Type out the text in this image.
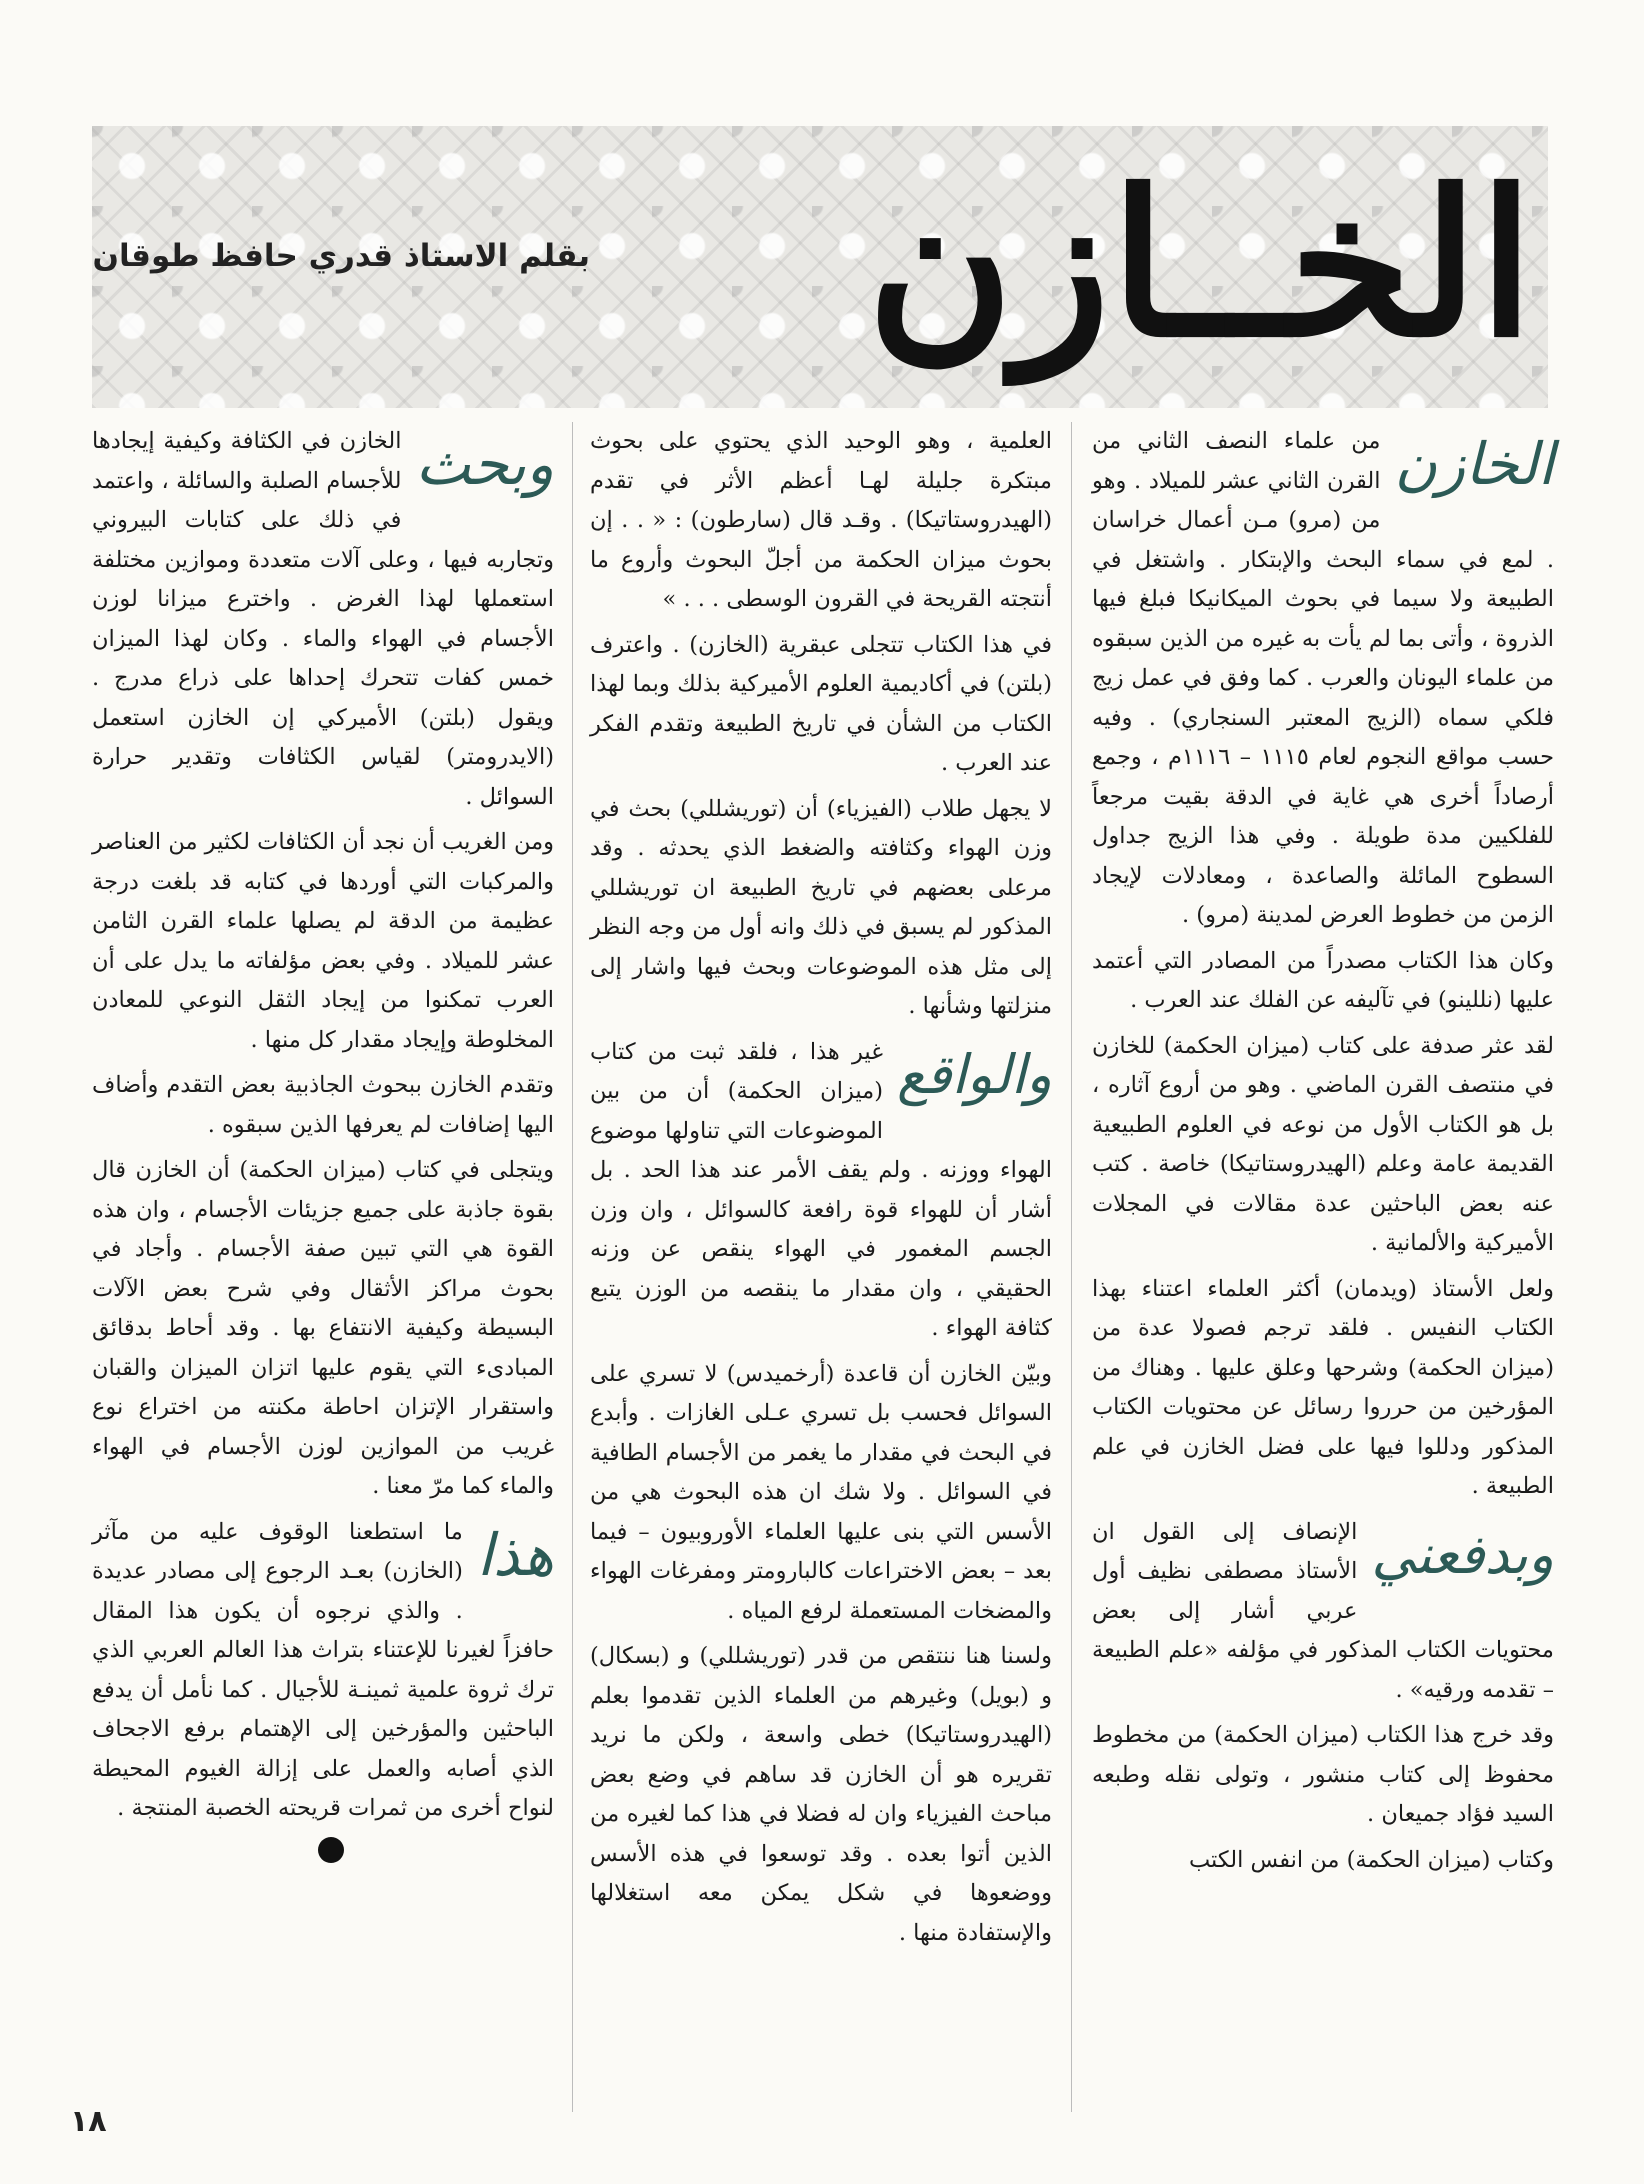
الخــازن
بقلم الاستاذ قدري حافظ طوقان

الخازن
من علماء النصف الثاني من القرن الثاني عشر للميلاد . وهو من (مرو) مـن أعمال خراسان . لمع في سماء البحث والإبتكار . واشتغل في الطبيعة ولا سيما في بحوث الميكانيكا فبلغ فيها الذروة ، وأتى بما لم يأت به غيره من الذين سبقوه من علماء اليونان والعرب . كما وفق في عمل زيج فلكي سماه (الزيج المعتبر السنجاري) . وفيه حسب مواقع النجوم لعام ١١١٥ – ١١١٦م ، وجمع أرصاداً أخرى هي غاية في الدقة بقيت مرجعاً للفلكيين مدة طويلة . وفي هذا الزيج جداول السطوح المائلة والصاعدة ، ومعادلات لإيجاد الزمن من خطوط العرض لمدينة (مرو) .

وكان هذا الكتاب مصدراً من المصادر التي أعتمد عليها (نللينو) في تآليفه عن الفلك عند العرب .

لقد عثر صدفة على كتاب (ميزان الحكمة) للخازن في منتصف القرن الماضي . وهو من أروع آثاره ، بل هو الكتاب الأول من نوعه في العلوم الطبيعية القديمة عامة وعلم (الهيدروستاتيكا) خاصة . كتب عنه بعض الباحثين عدة مقالات في المجلات الأميركية والألمانية .

ولعل الأستاذ (ويدمان) أكثر العلماء اعتناء بهذا الكتاب النفيس . فلقد ترجم فصولا عدة من (ميزان الحكمة) وشرحها وعلق عليها . وهناك من المؤرخين من حرروا رسائل عن محتويات الكتاب المذكور ودللوا فيها على فضل الخازن في علم الطبيعة .

وبدفعني
الإنصاف إلى القول ان الأستاذ مصطفى نظيف أول عربي أشار إلى بعض محتويات الكتاب المذكور في مؤلفه «علم الطبيعة – تقدمه ورقيه» .

وقد خرج هذا الكتاب (ميزان الحكمة) من مخطوط محفوظ إلى كتاب منشور ، وتولى نقله وطبعه السيد فؤاد جميعان .

وكتاب (ميزان الحكمة) من انفس الكتب

العلمية ، وهو الوحيد الذي يحتوي على بحوث مبتكرة جليلة لهـا أعظم الأثر في تقدم (الهيدروستاتيكا) . وقـد قال (سارطون) : « . . إن بحوث ميزان الحكمة من أجلّ البحوث وأروع ما أنتجته القريحة في القرون الوسطى . . . »

في هذا الكتاب تتجلى عبقرية (الخازن) . واعترف (بلتن) في أكاديمية العلوم الأميركية بذلك وبما لهذا الكتاب من الشأن في تاريخ الطبيعة وتقدم الفكر عند العرب .

لا يجهل طلاب (الفيزياء) أن (توريشللي) بحث في وزن الهواء وكثافته والضغط الذي يحدثه . وقد مرعلى بعضهم في تاريخ الطبيعة ان توريشللي المذكور لم يسبق في ذلك وانه أول من وجه النظر إلى مثل هذه الموضوعات وبحث فيها واشار إلى منزلتها وشأنها .

والواقع
غير هذا ، فلقد ثبت من كتاب (ميزان الحكمة) أن من بين الموضوعات التي تناولها موضوع الهواء ووزنه . ولم يقف الأمر عند هذا الحد . بل أشار أن للهواء قوة رافعة كالسوائل ، وان وزن الجسم المغمور في الهواء ينقص عن وزنه الحقيقي ، وان مقدار ما ينقصه من الوزن يتبع كثافة الهواء .

وبيّن الخازن أن قاعدة (أرخميدس) لا تسري على السوائل فحسب بل تسري عـلى الغازات . وأبدع في البحث في مقدار ما يغمر من الأجسام الطافية في السوائل . ولا شك ان هذه البحوث هي من الأسس التي بنى عليها العلماء الأوروبيون – فيما بعد – بعض الاختراعات كالبارومتر ومفرغات الهواء والمضخات المستعملة لرفع المياه .

ولسنا هنا ننتقص من قدر (توريشللي) و (بسكال) و (بويل) وغيرهم من العلماء الذين تقدموا بعلم (الهيدروستاتيكا) خطى واسعة ، ولكن ما نريد تقريره هو أن الخازن قد ساهم في وضع بعض مباحث الفيزياء وان له فضلا في هذا كما لغيره من الذين أتوا بعده . وقد توسعوا في هذه الأسس ووضعوها في شكل يمكن معه استغلالها والإستفادة منها .

وبحث
الخازن في الكثافة وكيفية إيجادها للأجسام الصلبة والسائلة ، واعتمد في ذلك على كتابات البيروني وتجاربه فيها ، وعلى آلات متعددة وموازين مختلفة استعملها لهذا الغرض . واخترع ميزانا لوزن الأجسام في الهواء والماء . وكان لهذا الميزان خمس كفات تتحرك إحداها على ذراع مدرج . ويقول (بلتن) الأميركي إن الخازن استعمل (الايدرومتر) لقياس الكثافات وتقدير حرارة السوائل .

ومن الغريب أن نجد أن الكثافات لكثير من العناصر والمركبات التي أوردها في كتابه قد بلغت درجة عظيمة من الدقة لم يصلها علماء القرن الثامن عشر للميلاد . وفي بعض مؤلفاته ما يدل على أن العرب تمكنوا من إيجاد الثقل النوعي للمعادن المخلوطة وإيجاد مقدار كل منها .

وتقدم الخازن ببحوث الجاذبية بعض التقدم وأضاف اليها إضافات لم يعرفها الذين سبقوه .

ويتجلى في كتاب (ميزان الحكمة) أن الخازن قال بقوة جاذبة على جميع جزيئات الأجسام ، وان هذه القوة هي التي تبين صفة الأجسام . وأجاد في بحوث مراكز الأثقال وفي شرح بعض الآلات البسيطة وكيفية الانتفاع بها . وقد أحاط بدقائق المبادىء التي يقوم عليها اتزان الميزان والقبان واستقرار الإتزان احاطة مكنته من اختراع نوع غريب من الموازين لوزن الأجسام في الهواء والماء كما مرّ معنا .

هذا
ما استطعنا الوقوف عليه من مآثر (الخازن) بعـد الرجوع إلى مصادر عديدة . والذي نرجوه أن يكون هذا المقال حافزاً لغيرنا للإعتناء بتراث هذا العالم العربي الذي ترك ثروة علمية ثمينـة للأجيال . كما نأمل أن يدفع الباحثين والمؤرخين إلى الإهتمام برفع الاجحاف الذي أصابه والعمل على إزالة الغيوم المحيطة لنواح أخرى من ثمرات قريحته الخصبة المنتجة .

١٨
